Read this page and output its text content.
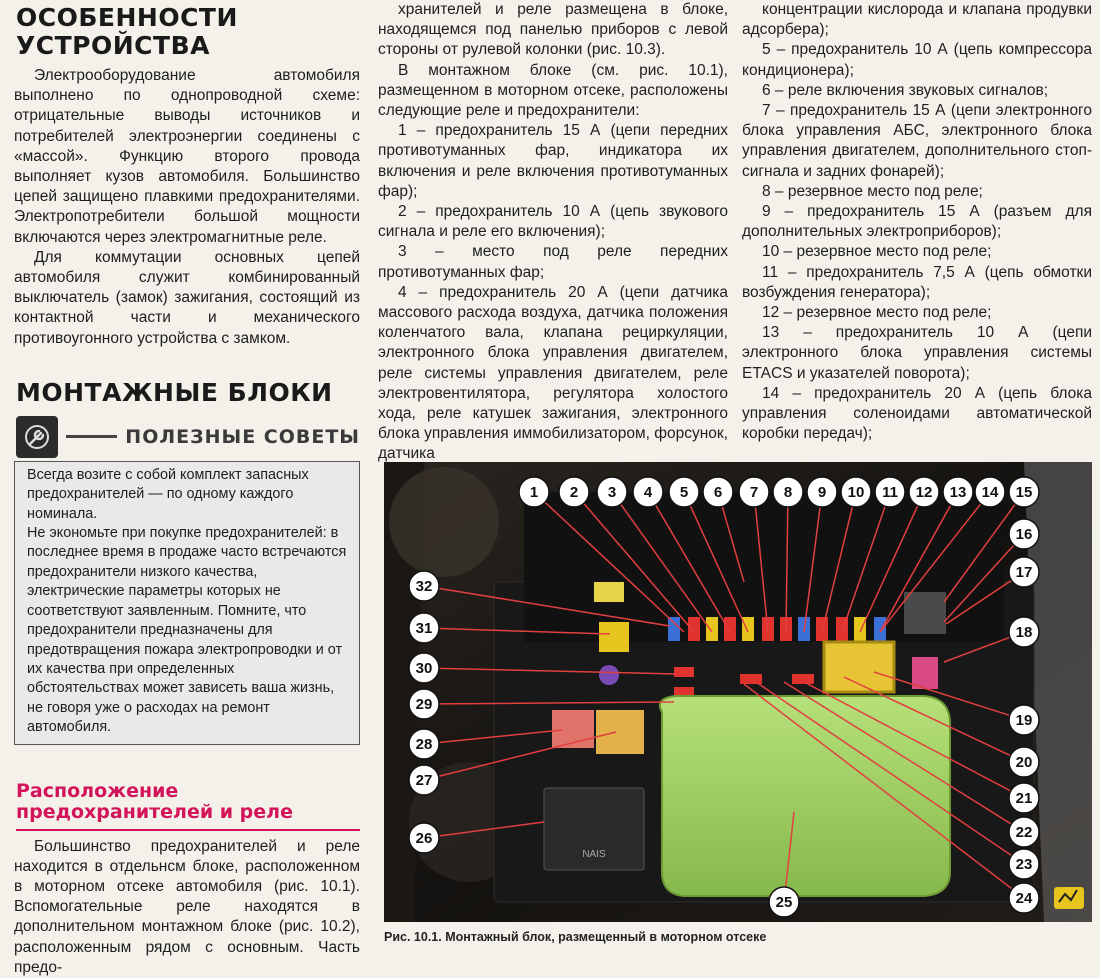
ОСОБЕННОСТИ УСТРОЙСТВА

Электрооборудование автомобиля выполнено по однопроводной схеме: отрицательные выводы источников и потребителей электроэнергии соединены с «массой». Функцию второго провода выполняет кузов автомобиля. Большинство цепей защищено плавкими предохранителями. Электропотребители большой мощности включаются через электромагнитные реле.

Для коммутации основных цепей автомобиля служит комбинированный выключатель (замок) зажигания, состоящий из контактной части и механического противоугонного устройства с замком.

МОНТАЖНЫЕ БЛОКИ
ПОЛЕЗНЫЕ СОВЕТЫ

Всегда возите с собой комплект запасных предохранителей — по одному каждого номинала.

Не экономьте при покупке предохранителей: в последнее время в продаже часто встречаются предохранители низкого качества, электрические параметры которых не соответствуют заявленным. Помните, что предохранители предназначены для предотвращения пожара электропроводки и от их качества при определенных обстоятельствах может зависеть ваша жизнь, не говоря уже о расходах на ремонт автомобиля.

Расположение предохранителей и реле

Большинство предохранителей и реле находится в отдельнсм блоке, расположенном в моторном отсеке автомобиля (рис. 10.1). Вспомогательные реле находятся в дополнительном монтажном блоке (рис. 10.2), расположенным рядом с основным. Часть предо-

хранителей и реле размещена в блоке, находящемся под панелью приборов с левой стороны от рулевой колонки (рис. 10.3).

В монтажном блоке (см. рис. 10.1), размещенном в моторном отсеке, расположены следующие реле и предохранители:

1 – предохранитель 15 А (цепи передних противотуманных фар, индикатора их включения и реле включения противотуманных фар);

2 – предохранитель 10 А (цепь звукового сигнала и реле его включения);

3 – место под реле передних противотуманных фар;

4 – предохранитель 20 А (цепи датчика массового расхода воздуха, датчика положения коленчатого вала, клапана рециркуляции, электронного блока управления двигателем, реле системы управления двигателем, реле электровентилятора, регулятора холостого хода, реле катушек зажигания, электронного блока управления иммобилизатором, форсунок, датчика

концентрации кислорода и клапана продувки адсорбера);

5 – предохранитель 10 А (цепь компрессора кондиционера);

6 – реле включения звуковых сигналов;

7 – предохранитель 15 А (цепи электронного блока управления АБС, электронного блока управления двигателем, дополнительного стоп-сигнала и задних фонарей);

8 – резервное место под реле;

9 – предохранитель 15 А (разъем для дополнительных электроприборов);

10 – резервное место под реле;

11 – предохранитель 7,5 А (цепь обмотки возбуждения генератора);

12 – резервное место под реле;

13 – предохранитель 10 А (цепи электронного блока управления системы ETACS и указателей поворота);

14 – предохранитель 20 А (цепь блока управления соленоидами автоматической коробки передач);

NAIS
1 2 3 4 5 6 7 8 9 10 11 12 13 14 15
16
17
18
19
20
21
22
23
24
25
26
27
28
29
30
31
32
Рис. 10.1. Монтажный блок, размещенный в моторном отсеке
